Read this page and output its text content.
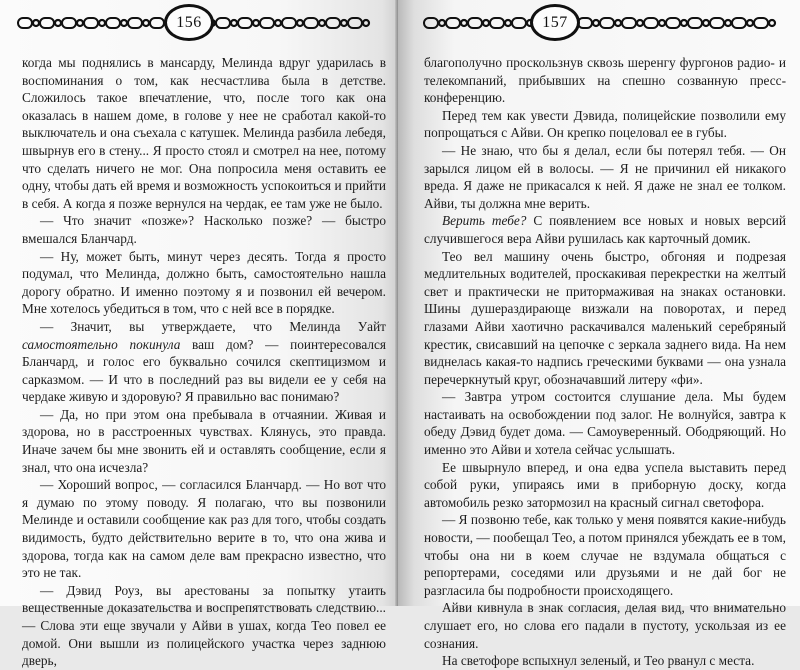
156

когда мы поднялись в мансарду, Мелинда вдруг ударилась в воспоминания о том, как несчастлива была в детстве. Сложилось такое впечатление, что, после того как она оказалась в нашем доме, в голове у нее не сработал какой-то выключатель и она съехала с катушек. Мелинда разбила лебедя, швырнув его в стену... Я просто стоял и смотрел на нее, потому что сделать ничего не мог. Она попросила меня оставить ее одну, чтобы дать ей время и возможность успокоиться и прийти в себя. А когда я позже вернулся на чердак, ее там уже не было.

— Что значит «позже»? Насколько позже? — быстро вмешался Бланчард.

— Ну, может быть, минут через десять. Тогда я просто подумал, что Мелинда, должно быть, самостоятельно нашла дорогу обратно. И именно поэтому я и позвонил ей вечером. Мне хотелось убедиться в том, что с ней все в порядке.

— Значит, вы утверждаете, что Мелинда Уайт самостоятельно покинула ваш дом? — поинтересовался Бланчард, и голос его буквально сочился скептицизмом и сарказмом. — И что в последний раз вы видели ее у себя на чердаке живую и здоровую? Я правильно вас понимаю?

— Да, но при этом она пребывала в отчаянии. Живая и здорова, но в расстроенных чувствах. Клянусь, это правда. Иначе зачем бы мне звонить ей и оставлять сообщение, если я знал, что она исчезла?

— Хороший вопрос, — согласился Бланчард. — Но вот что я думаю по этому поводу. Я полагаю, что вы позвонили Мелинде и оставили сообщение как раз для того, чтобы создать видимость, будто действительно верите в то, что она жива и здорова, тогда как на самом деле вам прекрасно известно, что это не так.

— Дэвид Роуз, вы арестованы за попытку утаить вещественные доказательства и воспрепятствовать следствию... — Слова эти еще звучали у Айви в ушах, когда Тео повел ее домой. Они вышли из полицейского участка через заднюю дверь,

157

благополучно проскользнув сквозь шеренгу фургонов радио- и телекомпаний, прибывших на спешно созванную пресс-конференцию.

Перед тем как увести Дэвида, полицейские позволили ему попрощаться с Айви. Он крепко поцеловал ее в губы.

— Не знаю, что бы я делал, если бы потерял тебя. — Он зарылся лицом ей в волосы. — Я не причинил ей никакого вреда. Я даже не прикасался к ней. Я даже не знал ее толком. Айви, ты должна мне верить.

Верить тебе? С появлением все новых и новых версий случившегося вера Айви рушилась как карточный домик.

Тео вел машину очень быстро, обгоняя и подрезая медлительных водителей, проскакивая перекрестки на желтый свет и практически не притормаживая на знаках остановки. Шины душераздирающе визжали на поворотах, и перед глазами Айви хаотично раскачивался маленький серебряный крестик, свисавший на цепочке с зеркала заднего вида. На нем виднелась какая-то надпись греческими буквами — она узнала перечеркнутый круг, обозначавший литеру «фи».

— Завтра утром состоится слушание дела. Мы будем настаивать на освобождении под залог. Не волнуйся, завтра к обеду Дэвид будет дома. — Самоуверенный. Ободряющий. Но именно это Айви и хотела сейчас услышать.

Ее швырнуло вперед, и она едва успела выставить перед собой руки, упираясь ими в приборную доску, когда автомобиль резко затормозил на красный сигнал светофора.

— Я позвоню тебе, как только у меня появятся какие-нибудь новости, — пообещал Тео, а потом принялся убеждать ее в том, чтобы она ни в коем случае не вздумала общаться с репортерами, соседями или друзьями и не дай бог не разгласила бы подробности происходящего.

Айви кивнула в знак согласия, делая вид, что внимательно слушает его, но слова его падали в пустоту, ускользая из ее сознания.

На светофоре вспыхнул зеленый, и Тео рванул с места.
